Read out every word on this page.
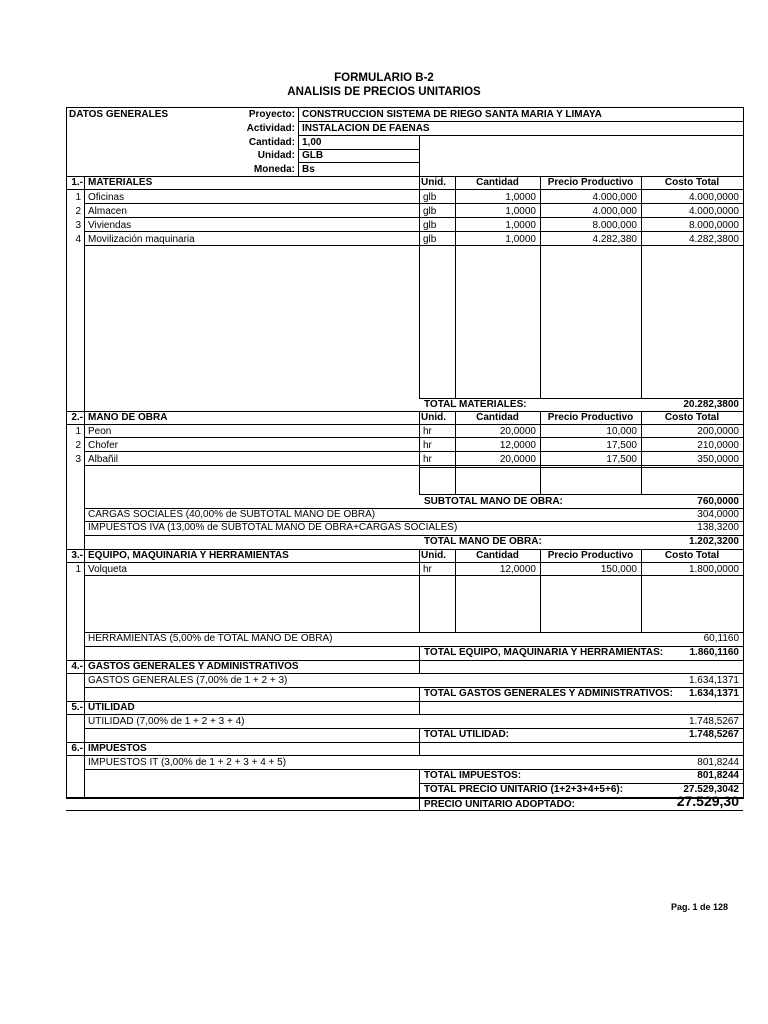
FORMULARIO B-2
ANALISIS DE PRECIOS UNITARIOS
DATOS GENERALES	Proyecto: CONSTRUCCION SISTEMA DE RIEGO SANTA MARIA Y LIMAYA
Actividad: INSTALACION DE FAENAS
Cantidad: 1,00
Unidad: GLB
Moneda: Bs
1.- MATERIALES	Unid.	Cantidad	Precio Productivo	Costo Total
1 Oficinas	glb	1,0000	4.000,000	4.000,0000
2 Almacen	glb	1,0000	4.000,000	4.000,0000
3 Viviendas	glb	1,0000	8.000,000	8.000,0000
4 Movilización maquinaria	glb	1,0000	4.282,380	4.282,3800
TOTAL MATERIALES:	20.282,3800
2.- MANO DE OBRA	Unid.	Cantidad	Precio Productivo	Costo Total
1 Peon	hr	20,0000	10,000	200,0000
2 Chofer	hr	12,0000	17,500	210,0000
3 Albañil	hr	20,0000	17,500	350,0000
SUBTOTAL MANO DE OBRA:	760,0000
CARGAS SOCIALES (40,00% de SUBTOTAL MANO DE OBRA)	304,0000
IMPUESTOS IVA (13,00% de SUBTOTAL MANO DE OBRA+CARGAS SOCIALES)	138,3200
TOTAL MANO DE OBRA:	1.202,3200
3.- EQUIPO, MAQUINARIA Y HERRAMIENTAS	Unid.	Cantidad	Precio Productivo	Costo Total
1 Volqueta	hr	12,0000	150,000	1.800,0000
HERRAMIENTAS (5,00% de TOTAL MANO DE OBRA)	60,1160
TOTAL EQUIPO, MAQUINARIA Y HERRAMIENTAS:	1.860,1160
4.- GASTOS GENERALES Y ADMINISTRATIVOS
GASTOS GENERALES (7,00% de 1 + 2 + 3)	1.634,1371
TOTAL GASTOS GENERALES Y ADMINISTRATIVOS:	1.634,1371
5.- UTILIDAD
UTILIDAD (7,00% de 1 + 2 + 3 + 4)	1.748,5267
TOTAL UTILIDAD:	1.748,5267
6.- IMPUESTOS
IMPUESTOS IT (3,00% de 1 + 2 + 3 + 4 + 5)	801,8244
TOTAL IMPUESTOS:	801,8244
TOTAL PRECIO UNITARIO (1+2+3+4+5+6):	27.529,3042
PRECIO UNITARIO ADOPTADO:	27.529,30
Pag. 1 de 128
